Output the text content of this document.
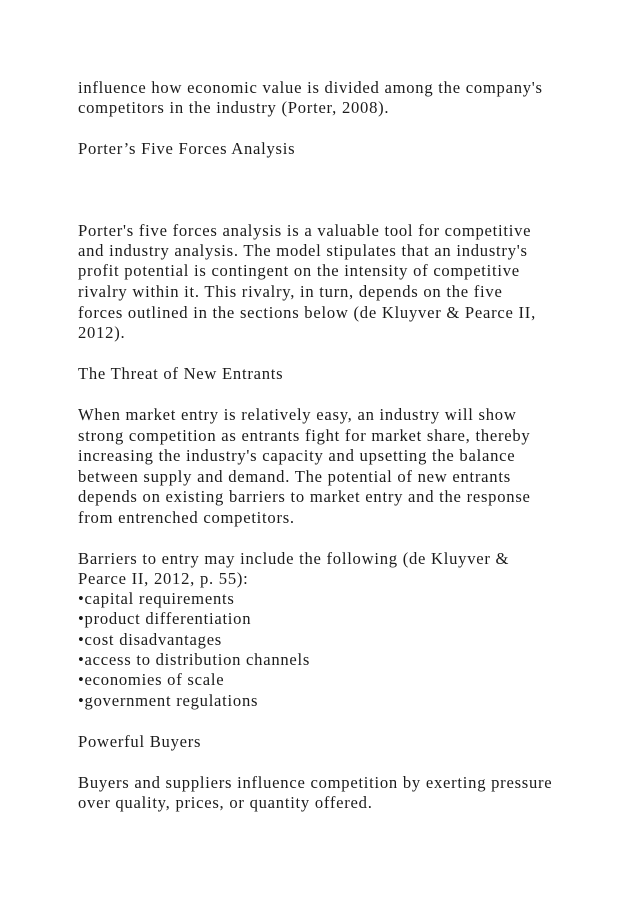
influence how economic value is divided among the company's
competitors in the industry (Porter, 2008).
Porter’s Five Forces Analysis
Porter's five forces analysis is a valuable tool for competitive
and industry analysis. The model stipulates that an industry's
profit potential is contingent on the intensity of competitive
rivalry within it. This rivalry, in turn, depends on the five
forces outlined in the sections below (de Kluyver & Pearce II,
2012).
The Threat of New Entrants
When market entry is relatively easy, an industry will show
strong competition as entrants fight for market share, thereby
increasing the industry's capacity and upsetting the balance
between supply and demand. The potential of new entrants
depends on existing barriers to market entry and the response
from entrenched competitors.
Barriers to entry may include the following (de Kluyver &
Pearce II, 2012, p. 55):
•capital requirements
•product differentiation
•cost disadvantages
•access to distribution channels
•economies of scale
•government regulations
Powerful Buyers
Buyers and suppliers influence competition by exerting pressure
over quality, prices, or quantity offered.
